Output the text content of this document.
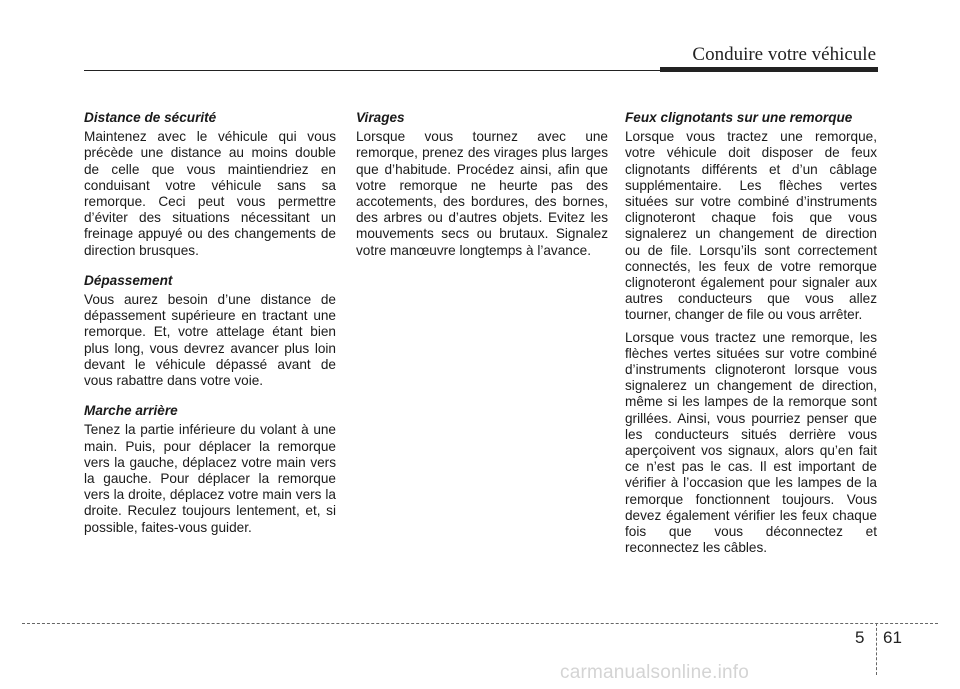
Conduire votre véhicule
Distance de sécurité

Maintenez avec le véhicule qui vous précède une distance au moins double de celle que vous maintiendriez en conduisant votre véhicule sans sa remorque. Ceci peut vous permettre d’éviter des situations nécessitant un freinage appuyé ou des changements de direction brusques.

Dépassement

Vous aurez besoin d’une distance de dépassement supérieure en tractant une remorque. Et, votre attelage étant bien plus long, vous devrez avancer plus loin devant le véhicule dépassé avant de vous rabattre dans votre voie.

Marche arrière

Tenez la partie inférieure du volant à une main. Puis, pour déplacer la remorque vers la gauche, déplacez votre main vers la gauche. Pour déplacer la remorque vers la droite, déplacez votre main vers la droite. Reculez toujours lentement, et, si possible, faites-vous guider.

Virages

Lorsque vous tournez avec une remorque, prenez des virages plus larges que d’habitude. Procédez ainsi, afin que votre remorque ne heurte pas des accotements, des bordures, des bornes, des arbres ou d’autres objets. Evitez les mouvements secs ou brutaux. Signalez votre manœuvre longtemps à l’avance.

Feux clignotants sur une remorque

Lorsque vous tractez une remorque, votre véhicule doit disposer de feux clignotants différents et d’un câblage supplémentaire. Les flèches vertes situées sur votre combiné d’instruments clignoteront chaque fois que vous signalerez un changement de direction ou de file. Lorsqu’ils sont correctement connectés, les feux de votre remorque clignoteront également pour signaler aux autres conducteurs que vous allez tourner, changer de file ou vous arrêter.

Lorsque vous tractez une remorque, les flèches vertes situées sur votre combiné d’instruments clignoteront lorsque vous signalerez un changement de direction, même si les lampes de la remorque sont grillées. Ainsi, vous pourriez penser que les conducteurs situés derrière vous aperçoivent vos signaux, alors qu’en fait ce n’est pas le cas. Il est important de vérifier à l’occasion que les lampes de la remorque fonctionnent toujours. Vous devez également vérifier les feux chaque fois que vous déconnectez et reconnectez les câbles.

5 61
carmanualsonline.info
